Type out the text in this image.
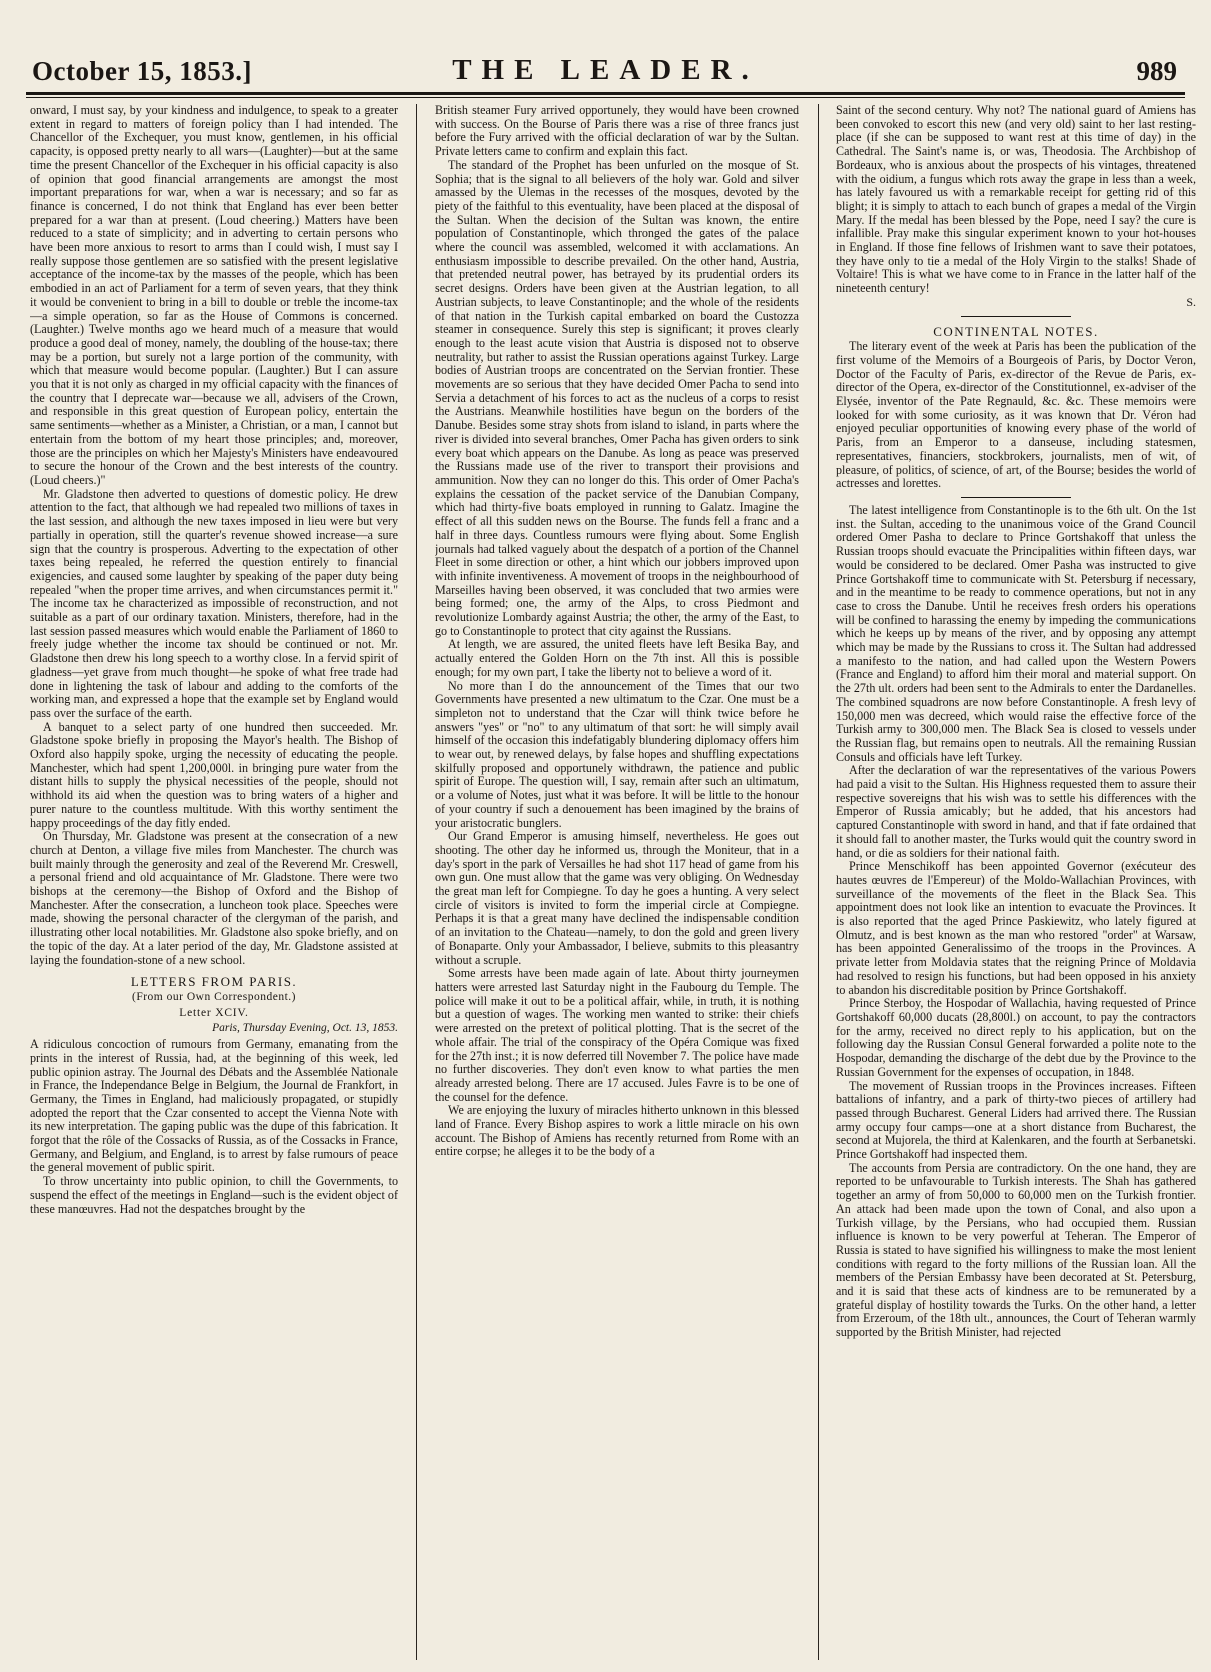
October 15, 1853.]	THE LEADER.	989

onward, I must say, by your kindness and indulgence, to speak to a greater extent in regard to matters of foreign policy than I had intended. The Chancellor of the Exchequer, you must know, gentlemen, in his official capacity, is opposed pretty nearly to all wars—(Laughter)—but at the same time the present Chancellor of the Exchequer in his official capacity is also of opinion that good financial arrangements are amongst the most important preparations for war, when a war is necessary; and so far as finance is concerned, I do not think that England has ever been better prepared for a war than at present. (Loud cheering.) Matters have been reduced to a state of simplicity; and in adverting to certain persons who have been more anxious to resort to arms than I could wish, I must say I really suppose those gentlemen are so satisfied with the present legislative acceptance of the income-tax by the masses of the people, which has been embodied in an act of Parliament for a term of seven years, that they think it would be convenient to bring in a bill to double or treble the income-tax—a simple operation, so far as the House of Commons is concerned. (Laughter.) Twelve months ago we heard much of a measure that would produce a good deal of money, namely, the doubling of the house-tax; there may be a portion, but surely not a large portion of the community, with which that measure would become popular. (Laughter.) But I can assure you that it is not only as charged in my official capacity with the finances of the country that I deprecate war—because we all, advisers of the Crown, and responsible in this great question of European policy, entertain the same sentiments—whether as a Minister, a Christian, or a man, I cannot but entertain from the bottom of my heart those principles; and, moreover, those are the principles on which her Majesty's Ministers have endeavoured to secure the honour of the Crown and the best interests of the country. (Loud cheers.)"

Mr. Gladstone then adverted to questions of domestic policy. He drew attention to the fact, that although we had repealed two millions of taxes in the last session, and although the new taxes imposed in lieu were but very partially in operation, still the quarter's revenue showed increase—a sure sign that the country is prosperous. Adverting to the expectation of other taxes being repealed, he referred the question entirely to financial exigencies, and caused some laughter by speaking of the paper duty being repealed "when the proper time arrives, and when circumstances permit it." The income tax he characterized as impossible of reconstruction, and not suitable as a part of our ordinary taxation. Ministers, therefore, had in the last session passed measures which would enable the Parliament of 1860 to freely judge whether the income tax should be continued or not. Mr. Gladstone then drew his long speech to a worthy close. In a fervid spirit of gladness—yet grave from much thought—he spoke of what free trade had done in lightening the task of labour and adding to the comforts of the working man, and expressed a hope that the example set by England would pass over the surface of the earth.

A banquet to a select party of one hundred then succeeded. Mr. Gladstone spoke briefly in proposing the Mayor's health. The Bishop of Oxford also happily spoke, urging the necessity of educating the people. Manchester, which had spent 1,200,000l. in bringing pure water from the distant hills to supply the physical necessities of the people, should not withhold its aid when the question was to bring waters of a higher and purer nature to the countless multitude. With this worthy sentiment the happy proceedings of the day fitly ended.

On Thursday, Mr. Gladstone was present at the consecration of a new church at Denton, a village five miles from Manchester. The church was built mainly through the generosity and zeal of the Reverend Mr. Creswell, a personal friend and old acquaintance of Mr. Gladstone. There were two bishops at the ceremony—the Bishop of Oxford and the Bishop of Manchester. After the consecration, a luncheon took place. Speeches were made, showing the personal character of the clergyman of the parish, and illustrating other local notabilities. Mr. Gladstone also spoke briefly, and on the topic of the day. At a later period of the day, Mr. Gladstone assisted at laying the foundation-stone of a new school.

LETTERS FROM PARIS.
(From our Own Correspondent.)
Letter XCIV.
Paris, Thursday Evening, Oct. 13, 1853.

A ridiculous concoction of rumours from Germany, emanating from the prints in the interest of Russia, had, at the beginning of this week, led public opinion astray. The Journal des Débats and the Assemblée Nationale in France, the Independance Belge in Belgium, the Journal de Frankfort, in Germany, the Times in England, had maliciously propagated, or stupidly adopted the report that the Czar consented to accept the Vienna Note with its new interpretation. The gaping public was the dupe of this fabrication. It forgot that the rôle of the Cossacks of Russia, as of the Cossacks in France, Germany, and Belgium, and England, is to arrest by false rumours of peace the general movement of public spirit.

To throw uncertainty into public opinion, to chill the Governments, to suspend the effect of the meetings in England—such is the evident object of these manœuvres. Had not the despatches brought by the

British steamer Fury arrived opportunely, they would have been crowned with success. On the Bourse of Paris there was a rise of three francs just before the Fury arrived with the official declaration of war by the Sultan. Private letters came to confirm and explain this fact.

The standard of the Prophet has been unfurled on the mosque of St. Sophia; that is the signal to all believers of the holy war. Gold and silver amassed by the Ulemas in the recesses of the mosques, devoted by the piety of the faithful to this eventuality, have been placed at the disposal of the Sultan. When the decision of the Sultan was known, the entire population of Constantinople, which thronged the gates of the palace where the council was assembled, welcomed it with acclamations. An enthusiasm impossible to describe prevailed. On the other hand, Austria, that pretended neutral power, has betrayed by its prudential orders its secret designs. Orders have been given at the Austrian legation, to all Austrian subjects, to leave Constantinople; and the whole of the residents of that nation in the Turkish capital embarked on board the Custozza steamer in consequence. Surely this step is significant; it proves clearly enough to the least acute vision that Austria is disposed not to observe neutrality, but rather to assist the Russian operations against Turkey. Large bodies of Austrian troops are concentrated on the Servian frontier. These movements are so serious that they have decided Omer Pacha to send into Servia a detachment of his forces to act as the nucleus of a corps to resist the Austrians. Meanwhile hostilities have begun on the borders of the Danube. Besides some stray shots from island to island, in parts where the river is divided into several branches, Omer Pacha has given orders to sink every boat which appears on the Danube. As long as peace was preserved the Russians made use of the river to transport their provisions and ammunition. Now they can no longer do this. This order of Omer Pacha's explains the cessation of the packet service of the Danubian Company, which had thirty-five boats employed in running to Galatz. Imagine the effect of all this sudden news on the Bourse. The funds fell a franc and a half in three days. Countless rumours were flying about. Some English journals had talked vaguely about the despatch of a portion of the Channel Fleet in some direction or other, a hint which our jobbers improved upon with infinite inventiveness. A movement of troops in the neighbourhood of Marseilles having been observed, it was concluded that two armies were being formed; one, the army of the Alps, to cross Piedmont and revolutionize Lombardy against Austria; the other, the army of the East, to go to Constantinople to protect that city against the Russians.

At length, we are assured, the united fleets have left Besika Bay, and actually entered the Golden Horn on the 7th inst. All this is possible enough; for my own part, I take the liberty not to believe a word of it.

No more than I do the announcement of the Times that our two Governments have presented a new ultimatum to the Czar. One must be a simpleton not to understand that the Czar will think twice before he answers "yes" or "no" to any ultimatum of that sort: he will simply avail himself of the occasion this indefatigably blundering diplomacy offers him to wear out, by renewed delays, by false hopes and shuffling expectations skilfully proposed and opportunely withdrawn, the patience and public spirit of Europe. The question will, I say, remain after such an ultimatum, or a volume of Notes, just what it was before. It will be little to the honour of your country if such a denouement has been imagined by the brains of your aristocratic bunglers.

Our Grand Emperor is amusing himself, nevertheless. He goes out shooting. The other day he informed us, through the Moniteur, that in a day's sport in the park of Versailles he had shot 117 head of game from his own gun. One must allow that the game was very obliging. On Wednesday the great man left for Compiegne. To day he goes a hunting. A very select circle of visitors is invited to form the imperial circle at Compiegne. Perhaps it is that a great many have declined the indispensable condition of an invitation to the Chateau—namely, to don the gold and green livery of Bonaparte. Only your Ambassador, I believe, submits to this pleasantry without a scruple.

Some arrests have been made again of late. About thirty journeymen hatters were arrested last Saturday night in the Faubourg du Temple. The police will make it out to be a political affair, while, in truth, it is nothing but a question of wages. The working men wanted to strike: their chiefs were arrested on the pretext of political plotting. That is the secret of the whole affair. The trial of the conspiracy of the Opéra Comique was fixed for the 27th inst.; it is now deferred till November 7. The police have made no further discoveries. They don't even know to what parties the men already arrested belong. There are 17 accused. Jules Favre is to be one of the counsel for the defence.

We are enjoying the luxury of miracles hitherto unknown in this blessed land of France. Every Bishop aspires to work a little miracle on his own account. The Bishop of Amiens has recently returned from Rome with an entire corpse; he alleges it to be the body of a

Saint of the second century. Why not? The national guard of Amiens has been convoked to escort this new (and very old) saint to her last resting-place (if she can be supposed to want rest at this time of day) in the Cathedral. The Saint's name is, or was, Theodosia. The Archbishop of Bordeaux, who is anxious about the prospects of his vintages, threatened with the oidium, a fungus which rots away the grape in less than a week, has lately favoured us with a remarkable receipt for getting rid of this blight; it is simply to attach to each bunch of grapes a medal of the Virgin Mary. If the medal has been blessed by the Pope, need I say? the cure is infallible. Pray make this singular experiment known to your hot-houses in England. If those fine fellows of Irishmen want to save their potatoes, they have only to tie a medal of the Holy Virgin to the stalks! Shade of Voltaire! This is what we have come to in France in the latter half of the nineteenth century!

S.
CONTINENTAL NOTES.

The literary event of the week at Paris has been the publication of the first volume of the Memoirs of a Bourgeois of Paris, by Doctor Veron, Doctor of the Faculty of Paris, ex-director of the Revue de Paris, ex-director of the Opera, ex-director of the Constitutionnel, ex-adviser of the Elysée, inventor of the Pate Regnauld, &c. &c. These memoirs were looked for with some curiosity, as it was known that Dr. Véron had enjoyed peculiar opportunities of knowing every phase of the world of Paris, from an Emperor to a danseuse, including statesmen, representatives, financiers, stockbrokers, journalists, men of wit, of pleasure, of politics, of science, of art, of the Bourse; besides the world of actresses and lorettes.

The latest intelligence from Constantinople is to the 6th ult. On the 1st inst. the Sultan, acceding to the unanimous voice of the Grand Council ordered Omer Pasha to declare to Prince Gortshakoff that unless the Russian troops should evacuate the Principalities within fifteen days, war would be considered to be declared. Omer Pasha was instructed to give Prince Gortshakoff time to communicate with St. Petersburg if necessary, and in the meantime to be ready to commence operations, but not in any case to cross the Danube. Until he receives fresh orders his operations will be confined to harassing the enemy by impeding the communications which he keeps up by means of the river, and by opposing any attempt which may be made by the Russians to cross it. The Sultan had addressed a manifesto to the nation, and had called upon the Western Powers (France and England) to afford him their moral and material support. On the 27th ult. orders had been sent to the Admirals to enter the Dardanelles. The combined squadrons are now before Constantinople. A fresh levy of 150,000 men was decreed, which would raise the effective force of the Turkish army to 300,000 men. The Black Sea is closed to vessels under the Russian flag, but remains open to neutrals. All the remaining Russian Consuls and officials have left Turkey.

After the declaration of war the representatives of the various Powers had paid a visit to the Sultan. His Highness requested them to assure their respective sovereigns that his wish was to settle his differences with the Emperor of Russia amicably; but he added, that his ancestors had captured Constantinople with sword in hand, and that if fate ordained that it should fall to another master, the Turks would quit the country sword in hand, or die as soldiers for their national faith.

Prince Menschikoff has been appointed Governor (exécuteur des hautes œuvres de l'Empereur) of the Moldo-Wallachian Provinces, with surveillance of the movements of the fleet in the Black Sea. This appointment does not look like an intention to evacuate the Provinces. It is also reported that the aged Prince Paskiewitz, who lately figured at Olmutz, and is best known as the man who restored "order" at Warsaw, has been appointed Generalissimo of the troops in the Provinces. A private letter from Moldavia states that the reigning Prince of Moldavia had resolved to resign his functions, but had been opposed in his anxiety to abandon his discreditable position by Prince Gortshakoff.

Prince Sterboy, the Hospodar of Wallachia, having requested of Prince Gortshakoff 60,000 ducats (28,800l.) on account, to pay the contractors for the army, received no direct reply to his application, but on the following day the Russian Consul General forwarded a polite note to the Hospodar, demanding the discharge of the debt due by the Province to the Russian Government for the expenses of occupation, in 1848.

The movement of Russian troops in the Provinces increases. Fifteen battalions of infantry, and a park of thirty-two pieces of artillery had passed through Bucharest. General Liders had arrived there. The Russian army occupy four camps—one at a short distance from Bucharest, the second at Mujorela, the third at Kalenkaren, and the fourth at Serbanetski. Prince Gortshakoff had inspected them.

The accounts from Persia are contradictory. On the one hand, they are reported to be unfavourable to Turkish interests. The Shah has gathered together an army of from 50,000 to 60,000 men on the Turkish frontier. An attack had been made upon the town of Conal, and also upon a Turkish village, by the Persians, who had occupied them. Russian influence is known to be very powerful at Teheran. The Emperor of Russia is stated to have signified his willingness to make the most lenient conditions with regard to the forty millions of the Russian loan. All the members of the Persian Embassy have been decorated at St. Petersburg, and it is said that these acts of kindness are to be remunerated by a grateful display of hostility towards the Turks. On the other hand, a letter from Erzeroum, of the 18th ult., announces, the Court of Teheran warmly supported by the British Minister, had rejected
